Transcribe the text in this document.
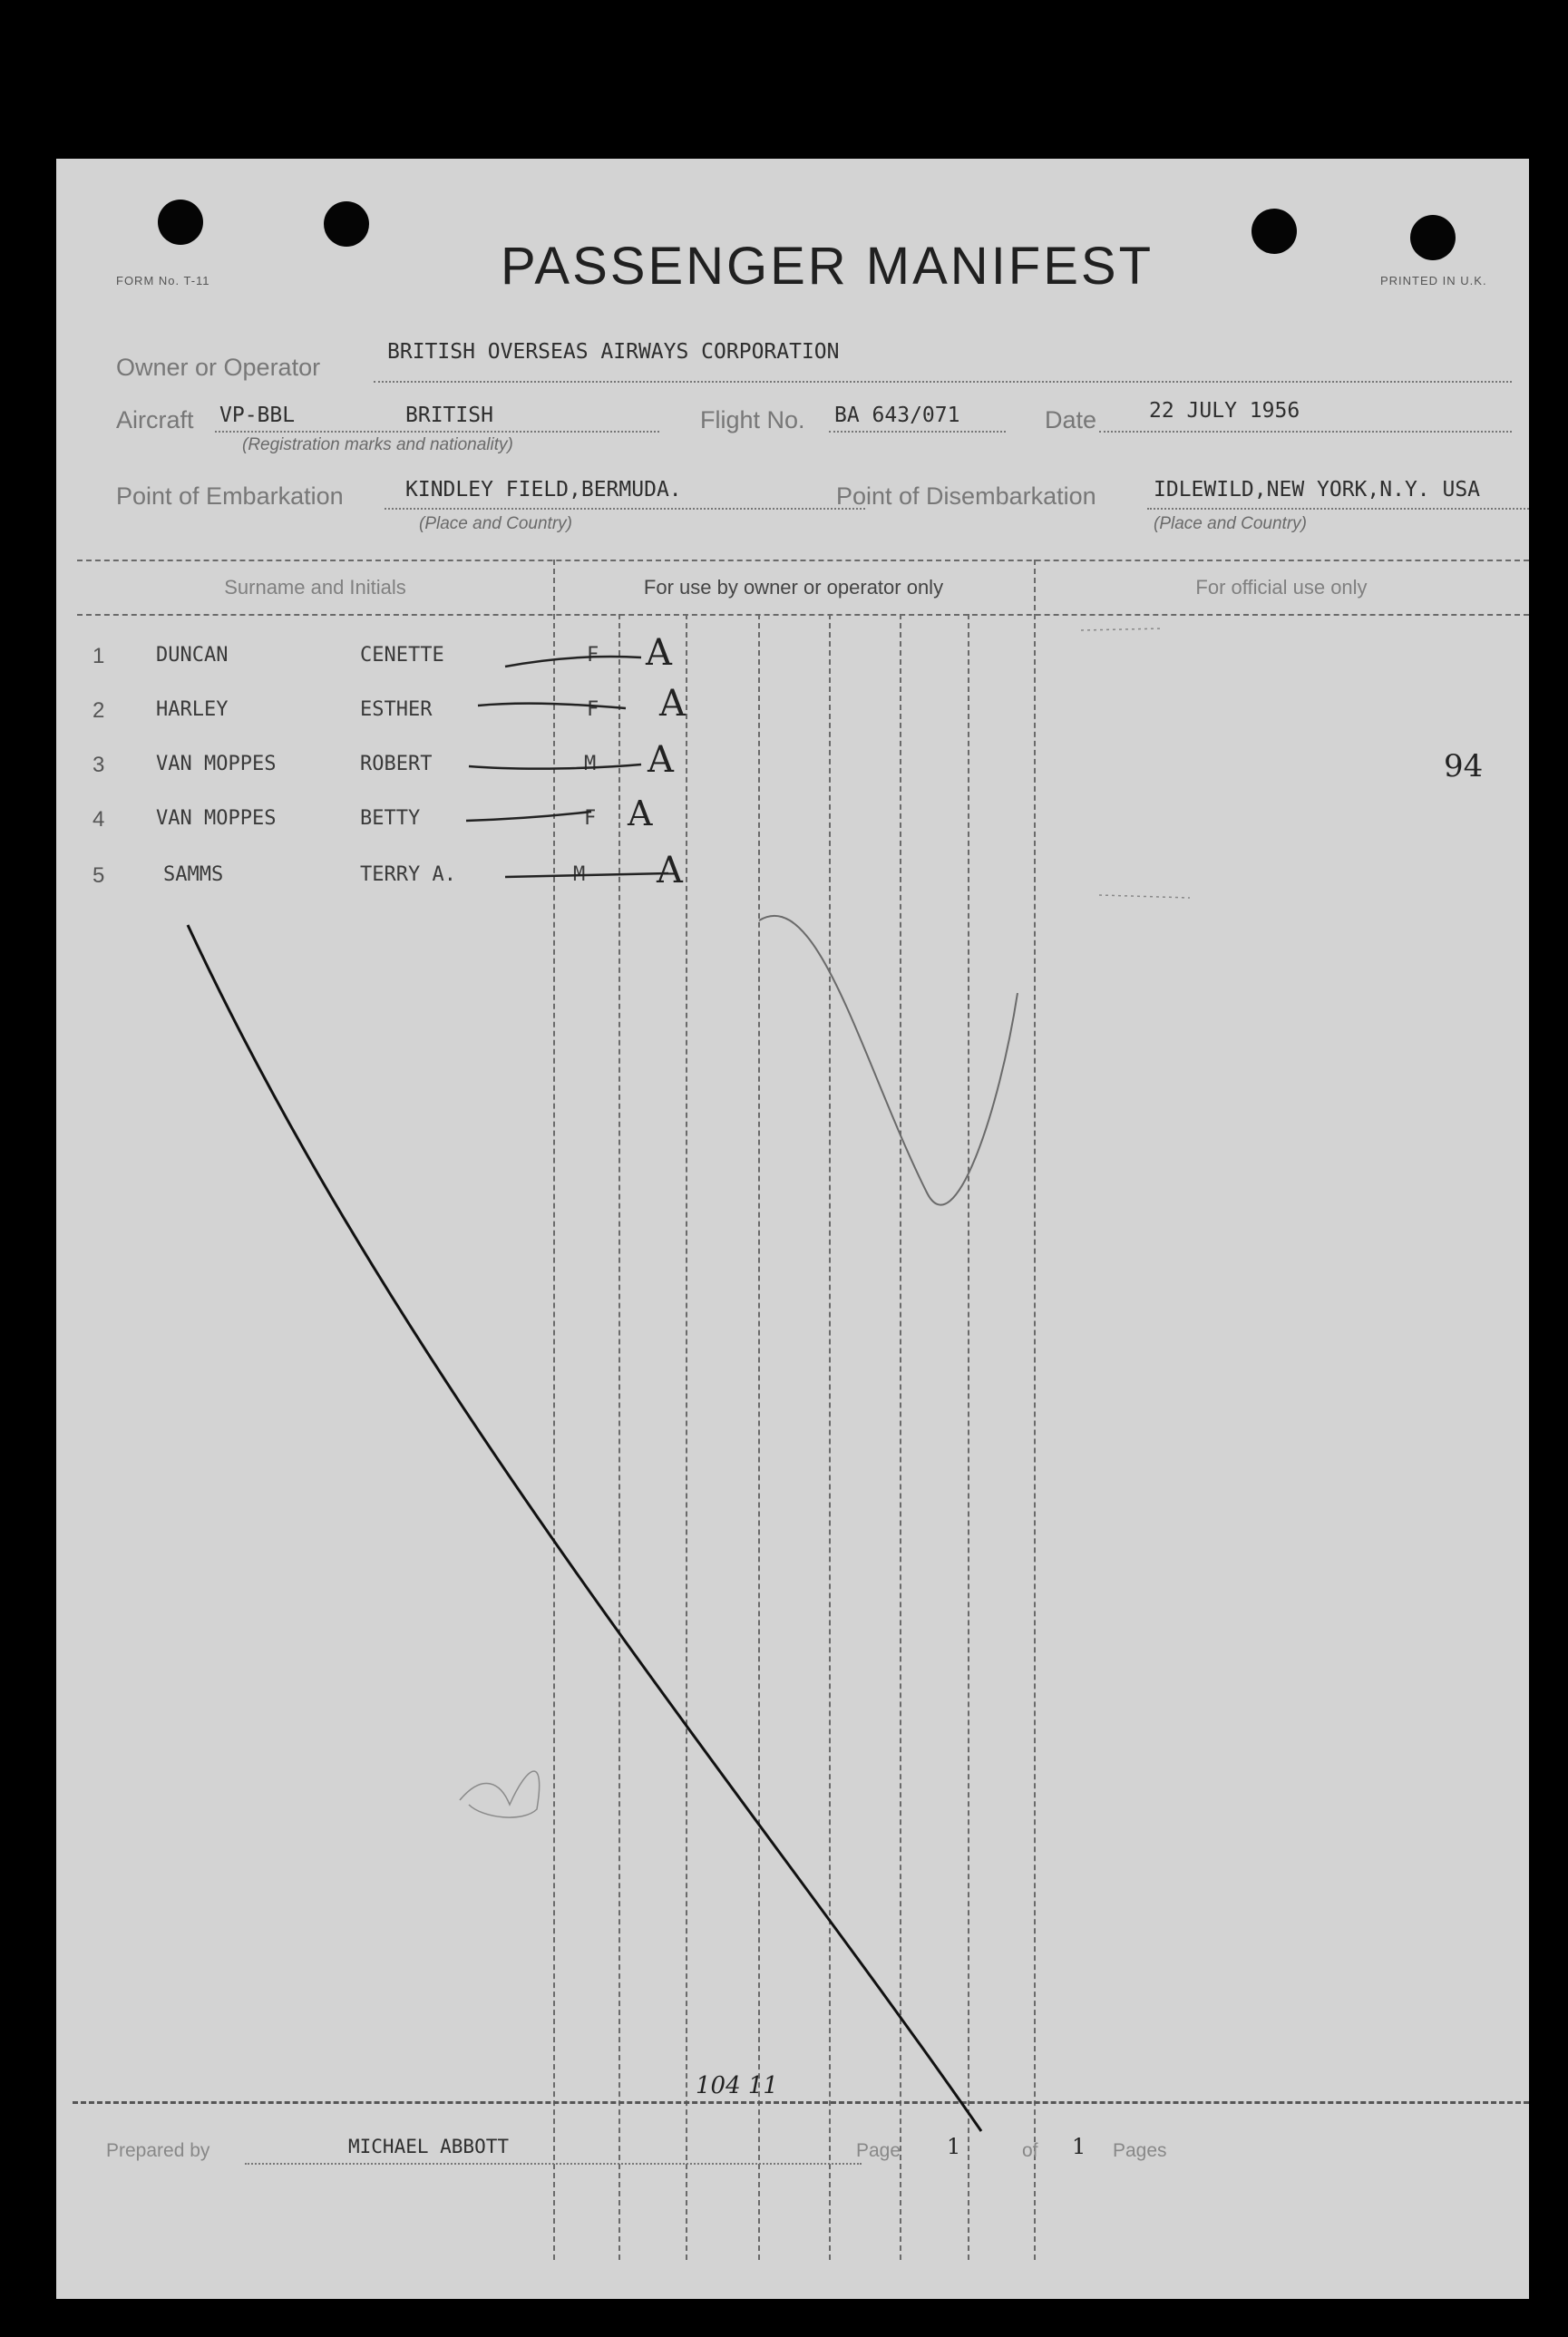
FORM No. T-11	PASSENGER MANIFEST	PRINTED IN U.K.
Owner or Operator
BRITISH OVERSEAS AIRWAYS CORPORATION
Aircraft VP-BBL	BRITISH
(Registration marks and nationality)
Flight No. BA 643/071	Date	22 JULY 1956
Point of Embarkation	KINDLEY FIELD,BERMUDA.
(Place and Country)
Point of Disembarkation	IDLEWILD,NEW YORK,N.Y. USA
(Place and Country)
Surname and Initials	For use by owner or operator only	For official use only
1	DUNCAN	CENETTE	F A
2	HARLEY	ESTHER	F A
3	VAN MOPPES	ROBERT	M A
4	VAN MOPPES	BETTY	F A
5	SAMMS	TERRY A.	M A
94
104 11
Prepared by	MICHAEL ABBOTT	Page 1	of 1 Pages
